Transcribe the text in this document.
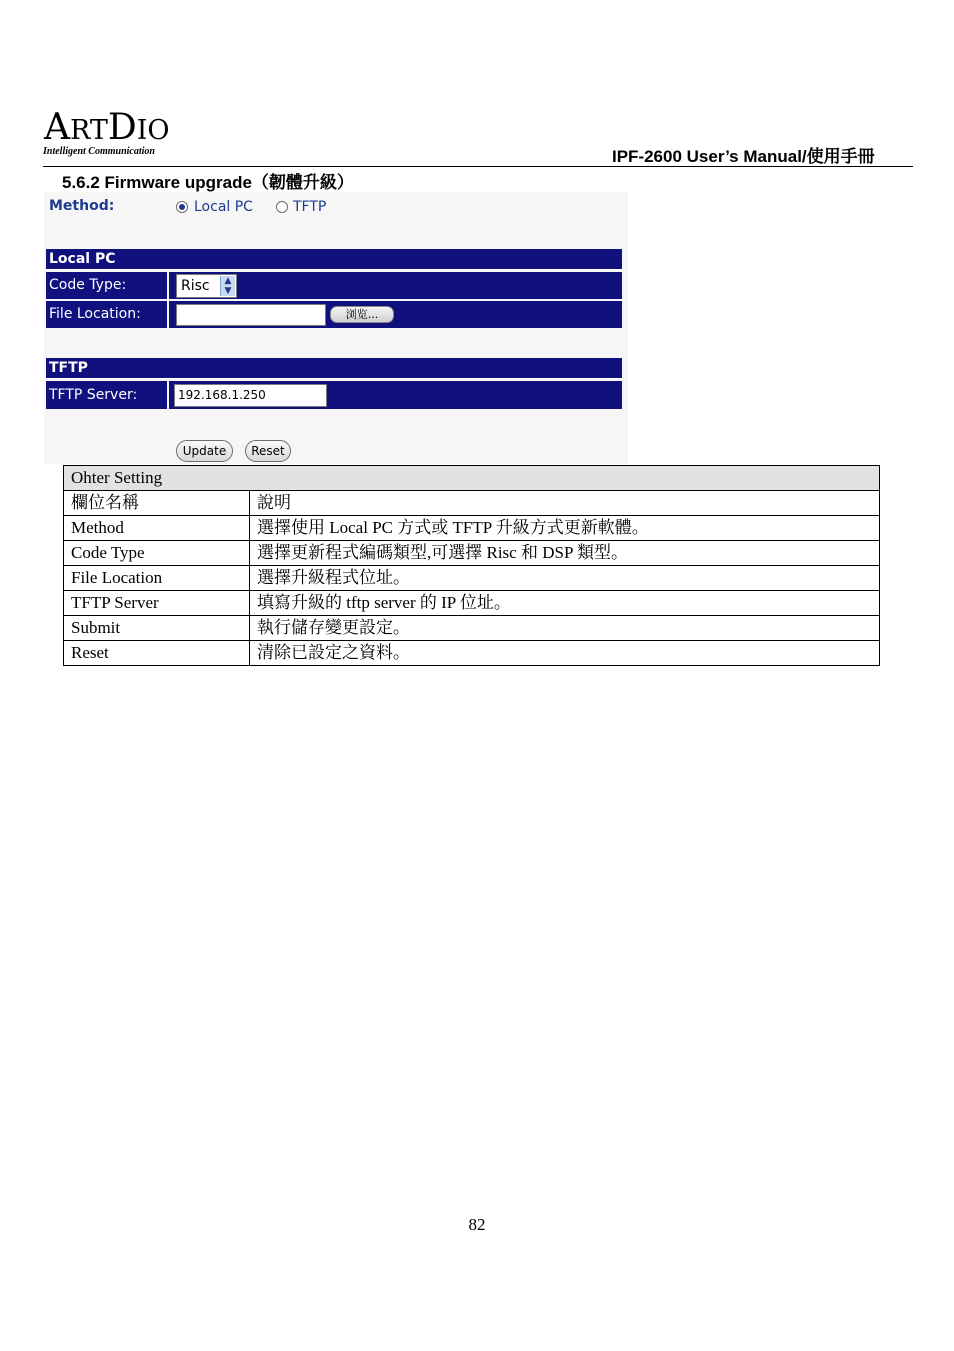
ARTDIO
Intelligent Communication	IPF-2600 User’s Manual/使用手冊
5.6.2 Firmware upgrade（韌體升級）
Method:	Local PC	TFTP
Local PC
Code Type:	Risc	▲
▼
File Location:	浏览...
TFTP
TFTP Server:	192.168.1.250
Update	Reset
Ohter Setting	
欄位名稱	說明
Method	選擇使用 Local PC 方式或 TFTP 升級方式更新軟體。
Code Type	選擇更新程式編碼類型,可選擇 Risc 和 DSP 類型。
File Location	選擇升級程式位址。
TFTP Server	填寫升級的 tftp server 的 IP 位址。
Submit	執行儲存變更設定。
Reset	清除已設定之資料。
82
